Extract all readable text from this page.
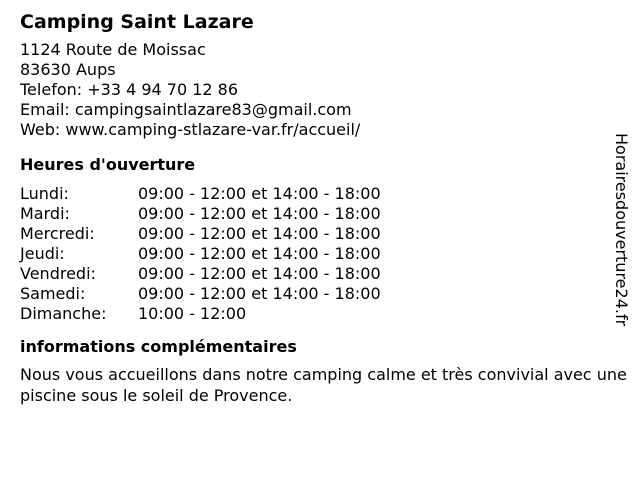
Camping Saint Lazare
1124 Route de Moissac
83630 Aups
Telefon: +33 4 94 70 12 86
Email: campingsaintlazare83@gmail.com
Web: www.camping-stlazare-var.fr/accueil/
Heures d'ouverture
Lundi:	09:00 - 12:00 et 14:00 - 18:00
Mardi:	09:00 - 12:00 et 14:00 - 18:00
Mercredi:	09:00 - 12:00 et 14:00 - 18:00
Jeudi:	09:00 - 12:00 et 14:00 - 18:00
Vendredi:	09:00 - 12:00 et 14:00 - 18:00
Samedi:	09:00 - 12:00 et 14:00 - 18:00
Dimanche:	10:00 - 12:00
informations complémentaires
Nous vous accueillons dans notre camping calme et très convivial avec une piscine sous le soleil de Provence.
Horairesdouverture24.fr
